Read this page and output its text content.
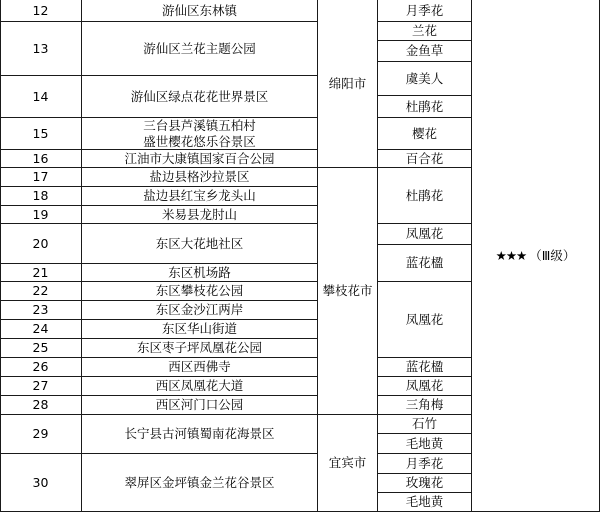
12
13
14
15
16
17
18
19
20
21
22
23
24
25
26
27
28
29
30
游仙区东林镇
游仙区兰花主题公园
游仙区绿点花花世界景区
三台县芦溪镇五柏村
盛世樱花悠乐谷景区
江油市大康镇国家百合公园
盐边县格沙拉景区
盐边县红宝乡龙头山
米易县龙肘山
东区大花地社区
东区机场路
东区攀枝花公园
东区金沙江两岸
东区华山街道
东区枣子坪凤凰花公园
西区西佛寺
西区凤凰花大道
西区河门口公园
长宁县古河镇蜀南花海景区
翠屏区金坪镇金兰花谷景区
绵阳市
攀枝花市
宜宾市
月季花
兰花
金鱼草
虞美人
杜鹃花
樱花
百合花
杜鹃花
凤凰花
蓝花楹
凤凰花
蓝花楹
凤凰花
三角梅
石竹
毛地黄
月季花
玫瑰花
毛地黄
★★★ （Ⅲ级）
